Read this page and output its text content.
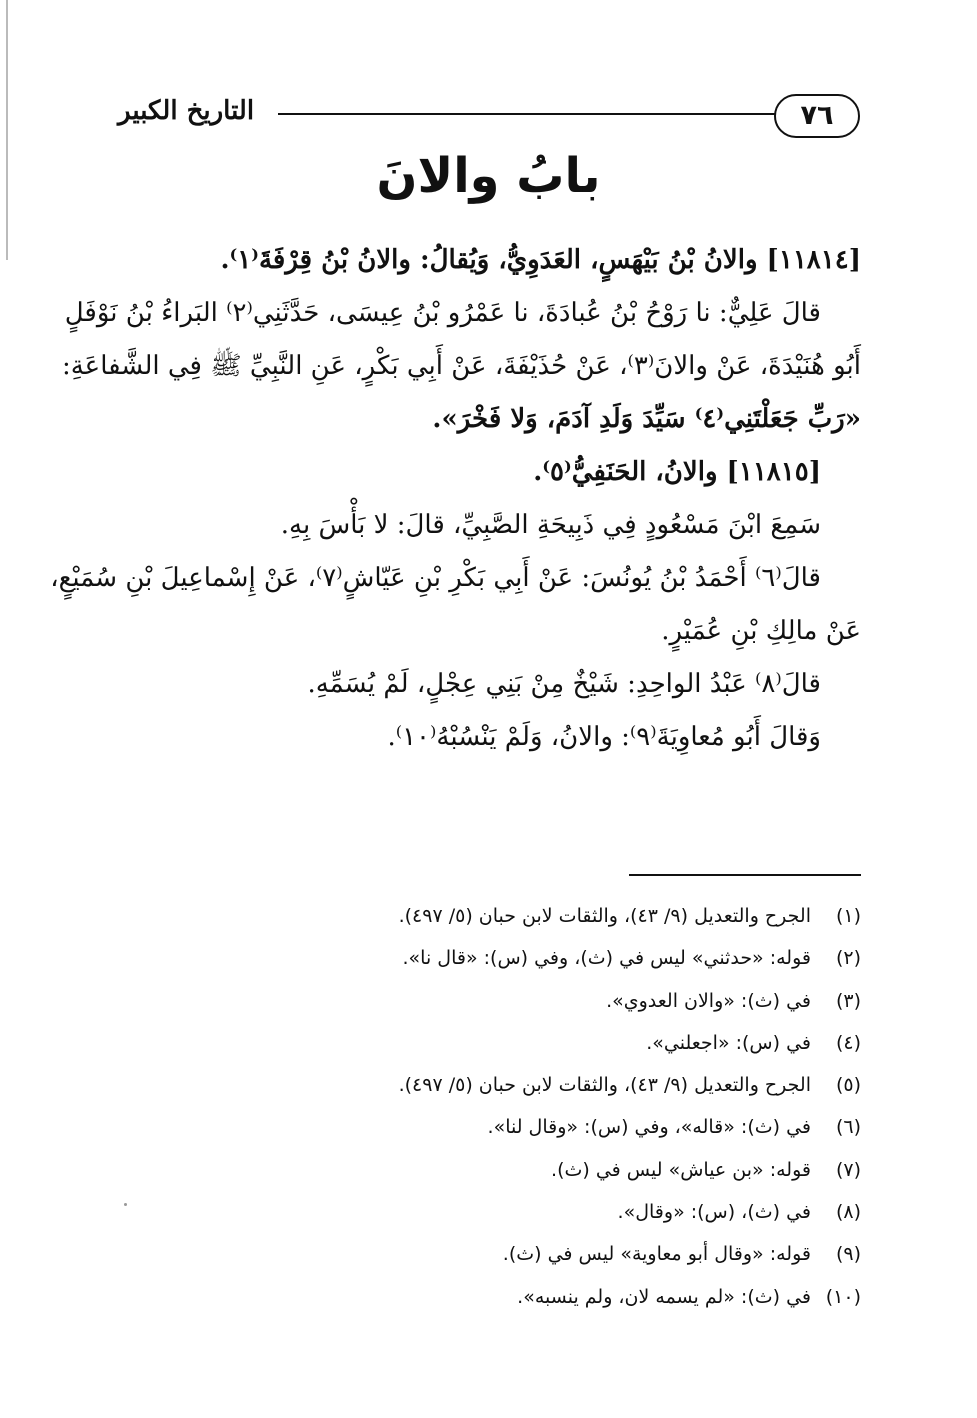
٧٦
التاريخ الكبير
بابُ والانَ
[١١٨١٤] والانُ بْنُ بَيْهَسٍ، العَدَوِيُّ، وَيُقالُ: والانُ بْنُ قِرْفَةَ⁽١⁾.
قالَ عَلِيٌّ: نا رَوْحُ بْنُ عُبادَةَ، نا عَمْرُو بْنُ عِيسَى، حَدَّثَنِي⁽٢⁾ البَراءُ بْنُ نَوْفَلٍ
أَبُو هُنَيْدَةَ، عَنْ والانَ⁽٣⁾، عَنْ حُذَيْفَةَ، عَنْ أَبِي بَكْرٍ، عَنِ النَّبِيِّ ﷺ فِي الشَّفاعَةِ:
«رَبِّ جَعَلْتَنِي⁽٤⁾ سَيِّدَ وَلَدِ آدَمَ، وَلا فَخْرَ».
[١١٨١٥] والانُ، الحَنَفِيُّ⁽٥⁾.
سَمِعَ ابْنَ مَسْعُودٍ فِي ذَبِيحَةِ الصَّبِيِّ، قالَ: لا بَأْسَ بِهِ.
قالَ⁽٦⁾ أَحْمَدُ بْنُ يُونُسَ: عَنْ أَبِي بَكْرِ بْنِ عَيّاشٍ⁽٧⁾، عَنْ إِسْماعِيلَ بْنِ سُمَيْعٍ،
عَنْ مالِكِ بْنِ عُمَيْرٍ.
قالَ⁽٨⁾ عَبْدُ الواحِدِ: شَيْخٌ مِنْ بَنِي عِجْلٍ، لَمْ يُسَمِّهِ.
وَقالَ أَبُو مُعاوِيَةَ⁽٩⁾: والانُ، وَلَمْ يَنْسُبْهُ⁽١٠⁾.
(١)الجرح والتعديل (٩/ ٤٣)، والثقات لابن حبان (٥/ ٤٩٧).
(٢)قوله: «حدثني» ليس في (ث)، وفي (س): «قال نا».
(٣)في (ث): «والان العدوي».
(٤)في (س): «اجعلني».
(٥)الجرح والتعديل (٩/ ٤٣)، والثقات لابن حبان (٥/ ٤٩٧).
(٦)في (ث): «قاله»، وفي (س): «وقال لنا».
(٧)قوله: «بن عياش» ليس في (ث).
(٨)في (ث)، (س): «وقال».
(٩)قوله: «وقال أبو معاوية» ليس في (ث).
(١٠)في (ث): «لم يسمه لان، ولم ينسبه».
